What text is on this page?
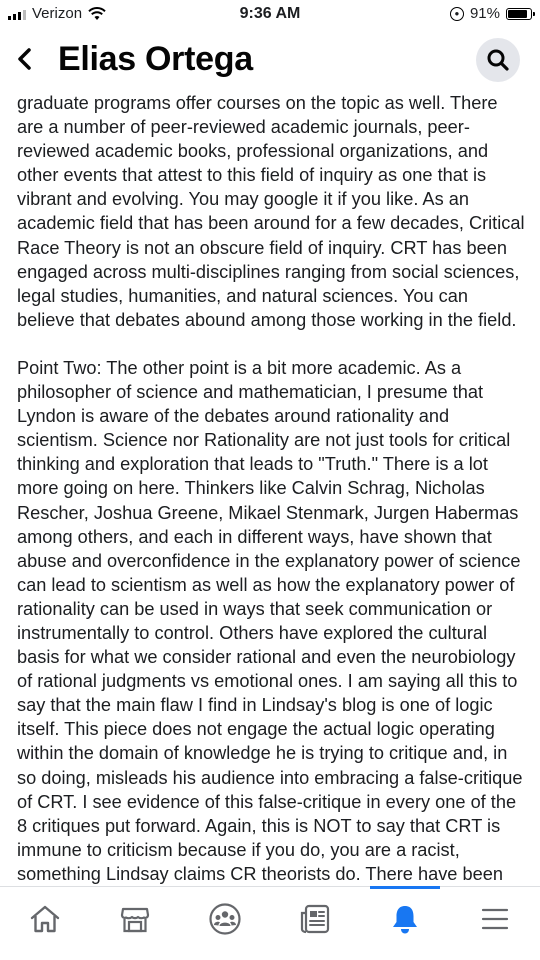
Verizon	9:36 AM	● 91%
Elias Ortega

graduate programs offer courses on the topic as well. There are a number of peer-reviewed academic journals, peer-reviewed academic books, professional organizations, and other events that attest to this field of inquiry as one that is vibrant and evolving. You may google it if you like. As an academic field that has been around for a few decades, Critical Race Theory is not an obscure field of inquiry. CRT has been engaged across multi-disciplines ranging from social sciences, legal studies, humanities, and natural sciences. You can believe that debates abound among those working in the field.

Point Two: The other point is a bit more academic. As a philosopher of science and mathematician, I presume that Lyndon is aware of the debates around rationality and scientism. Science nor Rationality are not just tools for critical thinking and exploration that leads to "Truth." There is a lot more going on here. Thinkers like Calvin Schrag, Nicholas Rescher, Joshua Greene, Mikael Stenmark, Jurgen Habermas among others, and each in different ways, have shown that abuse and overconfidence in the explanatory power of science can lead to scientism as well as how the explanatory power of rationality can be used in ways that seek communication or instrumentally to control. Others have explored the cultural basis for what we consider rational and even the neurobiology of rational judgments vs emotional ones. I am saying all this to say that the main flaw I find in Lindsay's blog is one of logic itself. This piece does not engage the actual logic operating within the domain of knowledge he is trying to critique and, in so doing, misleads his audience into embracing a false-critique of CRT. I see evidence of this false-critique in every one of the 8 critiques put forward. Again, this is NOT to say that CRT is immune to criticism because if you do, you are a racist, something Lindsay claims CR theorists do. There have been
